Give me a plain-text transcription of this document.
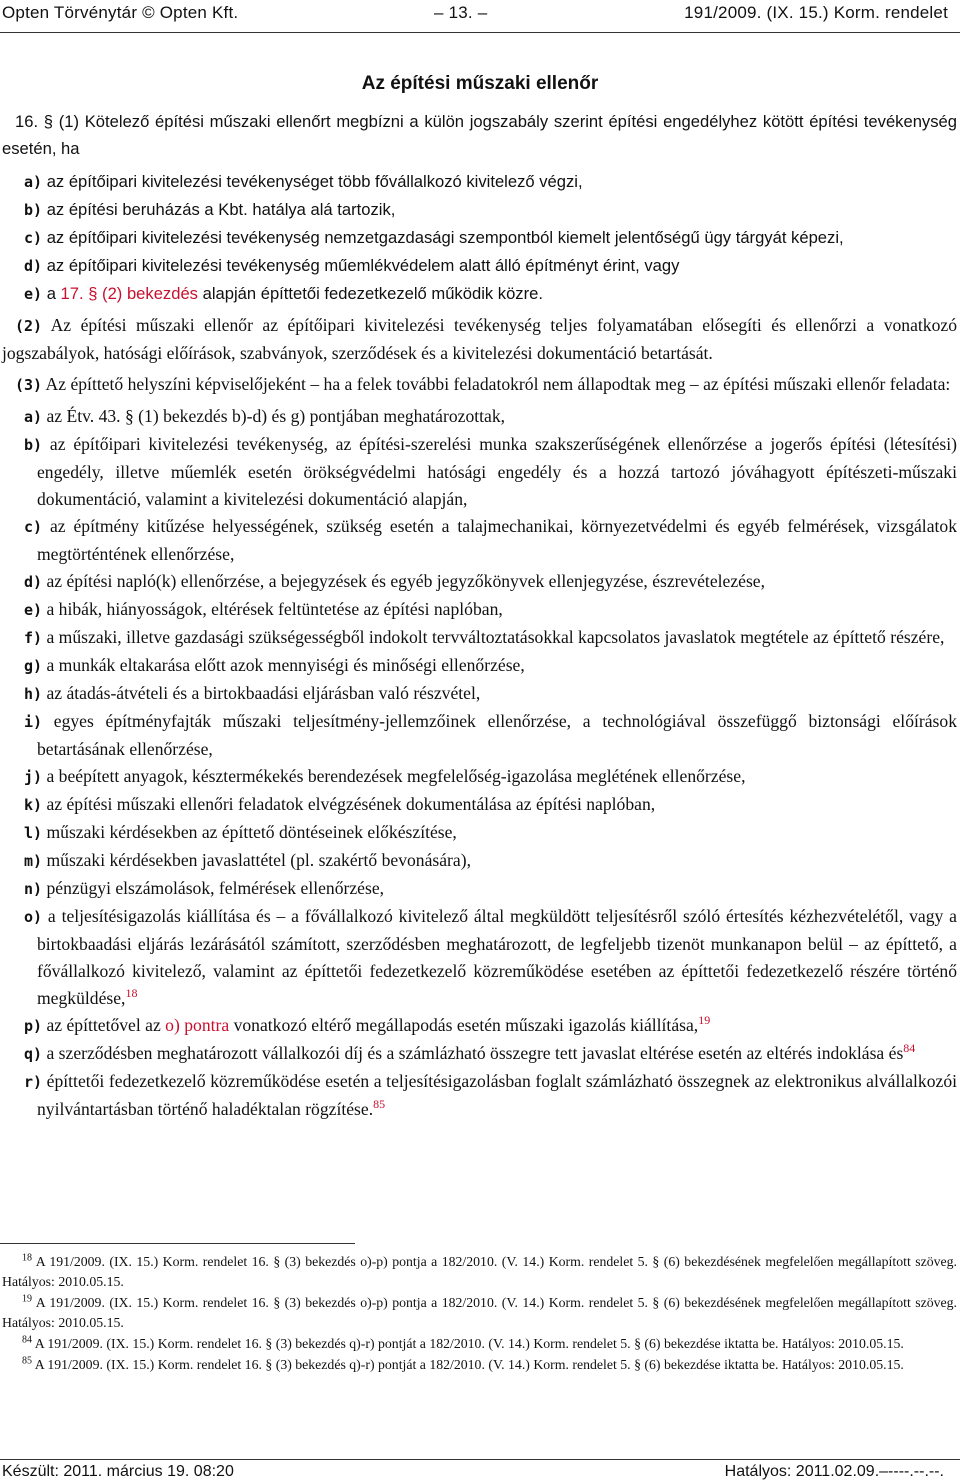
Opten Törvénytár © Opten Kft.	– 13. –	191/2009. (IX. 15.) Korm. rendelet
Az építési műszaki ellenőr

16. § (1) Kötelező építési műszaki ellenőrt megbízni a külön jogszabály szerint építési engedélyhez kötött építési tevékenység esetén, ha

a) az építőipari kivitelezési tevékenységet több fővállalkozó kivitelező végzi,

b) az építési beruházás a Kbt. hatálya alá tartozik,

c) az építőipari kivitelezési tevékenység nemzetgazdasági szempontból kiemelt jelentőségű ügy tárgyát képezi,

d) az építőipari kivitelezési tevékenység műemlékvédelem alatt álló építményt érint, vagy

e) a 17. § (2) bekezdés alapján építtetői fedezetkezelő működik közre.

(2) Az építési műszaki ellenőr az építőipari kivitelezési tevékenység teljes folyamatában elősegíti és ellenőrzi a vonatkozó jogszabályok, hatósági előírások, szabványok, szerződések és a kivitelezési dokumentáció betartását.

(3) Az építtető helyszíni képviselőjeként – ha a felek további feladatokról nem állapodtak meg – az építési műszaki ellenőr feladata:

a) az Étv. 43. § (1) bekezdés b)-d) és g) pontjában meghatározottak,

b) az építőipari kivitelezési tevékenység, az építési-szerelési munka szakszerűségének ellenőrzése a jogerős építési (létesítési) engedély, illetve műemlék esetén örökségvédelmi hatósági engedély és a hozzá tartozó jóváhagyott építészeti-műszaki dokumentáció, valamint a kivitelezési dokumentáció alapján,

c) az építmény kitűzése helyességének, szükség esetén a talajmechanikai, környezetvédelmi és egyéb felmérések, vizsgálatok megtörténtének ellenőrzése,

d) az építési napló(k) ellenőrzése, a bejegyzések és egyéb jegyzőkönyvek ellenjegyzése, észrevételezése,

e) a hibák, hiányosságok, eltérések feltüntetése az építési naplóban,

f) a műszaki, illetve gazdasági szükségességből indokolt tervváltoztatásokkal kapcsolatos javaslatok megtétele az építtető részére,

g) a munkák eltakarása előtt azok mennyiségi és minőségi ellenőrzése,

h) az átadás-átvételi és a birtokbaadási eljárásban való részvétel,

i) egyes építményfajták műszaki teljesítmény-jellemzőinek ellenőrzése, a technológiával összefüggő biztonsági előírások betartásának ellenőrzése,

j) a beépített anyagok, késztermékekés berendezések megfelelőség-igazolása meglétének ellenőrzése,

k) az építési műszaki ellenőri feladatok elvégzésének dokumentálása az építési naplóban,

l) műszaki kérdésekben az építtető döntéseinek előkészítése,

m) műszaki kérdésekben javaslattétel (pl. szakértő bevonására),

n) pénzügyi elszámolások, felmérések ellenőrzése,

o) a teljesítésigazolás kiállítása és – a fővállalkozó kivitelező által megküldött teljesítésről szóló értesítés kézhezvételétől, vagy a birtokbaadási eljárás lezárásától számított, szerződésben meghatározott, de legfeljebb tizenöt munkanapon belül – az építtető, a fővállalkozó kivitelező, valamint az építtetői fedezetkezelő közreműködése esetében az építtetői fedezetkezelő részére történő megküldése,$^{18}$

p) az építtetővel az o) pontra vonatkozó eltérő megállapodás esetén műszaki igazolás kiállítása,$^{19}$

q) a szerződésben meghatározott vállalkozói díj és a számlázható összegre tett javaslat eltérése esetén az eltérés indoklása $és^{84}$

r) építtetői fedezetkezelő közreműködése esetén a teljesítésigazolásban foglalt számlázható összegnek az elektronikus alvállalkozói nyilvántartásban történő haladéktalan rögzítése.$^{85}$

$^{18}$ A 191/2009. (IX. 15.) Korm. rendelet 16. § (3) bekezdés o)-p) pontja a 182/2010. (V. 14.) Korm. rendelet 5. § (6) bekezdésének megfelelően megállapított szöveg. Hatályos: 2010.05.15.

$^{19}$ A 191/2009. (IX. 15.) Korm. rendelet 16. § (3) bekezdés o)-p) pontja a 182/2010. (V. 14.) Korm. rendelet 5. § (6) bekezdésének megfelelően megállapított szöveg. Hatályos: 2010.05.15.

$^{84}$ A 191/2009. (IX. 15.) Korm. rendelet 16. § (3) bekezdés q)-r) pontját a 182/2010. (V. 14.) Korm. rendelet 5. § (6) bekezdése iktatta be. Hatályos: 2010.05.15.

$^{85}$ A 191/2009. (IX. 15.) Korm. rendelet 16. § (3) bekezdés q)-r) pontját a 182/2010. (V. 14.) Korm. rendelet 5. § (6) bekezdése iktatta be. Hatályos: 2010.05.15.

Készült: 2011. március 19. 08:20	Hatályos: 2011.02.09.–----.--.--.
